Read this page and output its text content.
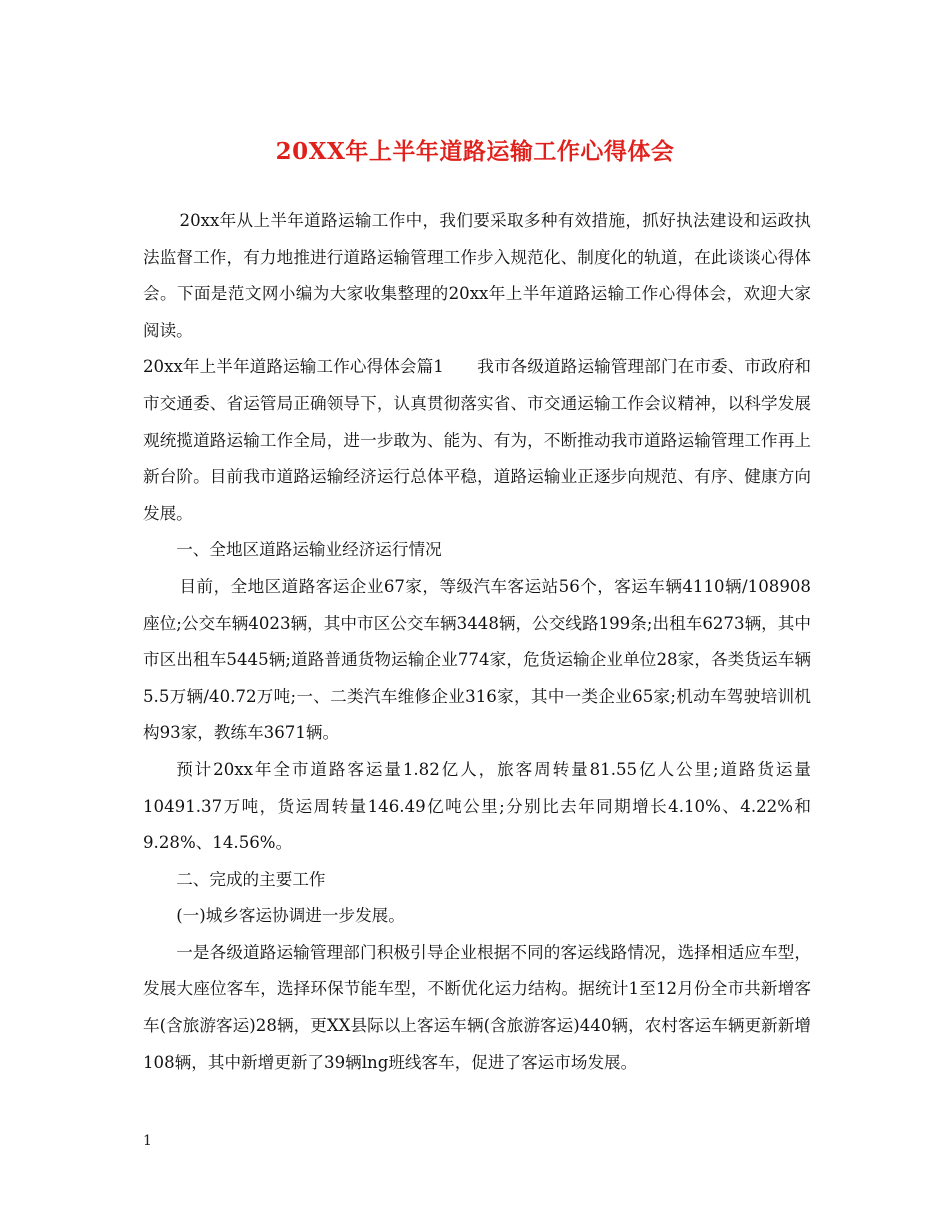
20XX年上半年道路运输工作心得体会

20xx年从上半年道路运输工作中，我们要采取多种有效措施，抓好执法建设和运政执法监督工作，有力地推进行道路运输管理工作步入规范化、制度化的轨道，在此谈谈心得体会。下面是范文网小编为大家收集整理的20xx年上半年道路运输工作心得体会，欢迎大家阅读。

20xx年上半年道路运输工作心得体会篇1　　我市各级道路运输管理部门在市委、市政府和市交通委、省运管局正确领导下，认真贯彻落实省、市交通运输工作会议精神，以科学发展观统揽道路运输工作全局，进一步敢为、能为、有为，不断推动我市道路运输管理工作再上新台阶。目前我市道路运输经济运行总体平稳，道路运输业正逐步向规范、有序、健康方向发展。

一、全地区道路运输业经济运行情况

目前，全地区道路客运企业67家，等级汽车客运站56个，客运车辆4110辆/108908座位;公交车辆4023辆，其中市区公交车辆3448辆，公交线路199条;出租车6273辆，其中市区出租车5445辆;道路普通货物运输企业774家，危货运输企业单位28家，各类货运车辆5.5万辆/40.72万吨;一、二类汽车维修企业316家，其中一类企业65家;机动车驾驶培训机构93家，教练车3671辆。

预计20xx年全市道路客运量1.82亿人，旅客周转量81.55亿人公里;道路货运量10491.37万吨，货运周转量146.49亿吨公里;分别比去年同期增长4.10%、4.22%和9.28%、14.56%。

二、完成的主要工作

(一)城乡客运协调进一步发展。

一是各级道路运输管理部门积极引导企业根据不同的客运线路情况，选择相适应车型，发展大座位客车，选择环保节能车型，不断优化运力结构。据统计1至12月份全市共新增客车(含旅游客运)28辆，更XX县际以上客运车辆(含旅游客运)440辆，农村客运车辆更新新增108辆，其中新增更新了39辆lng班线客车，促进了客运市场发展。

1
